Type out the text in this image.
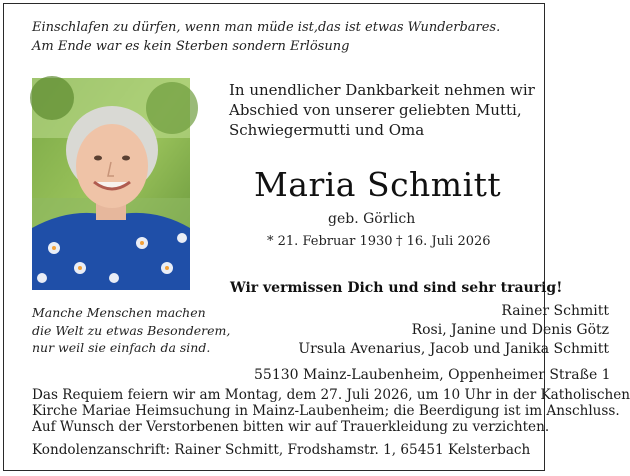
Einschlafen zu dürfen, wenn man müde ist,das ist etwas Wunderbares.
Am Ende war es kein Sterben sondern Erlösung
In unendlicher Dankbarkeit nehmen wir
Abschied von unserer geliebten Mutti,
Schwiegermutti und Oma
Maria Schmitt
geb. Görlich
* 21. Februar 1930 † 16. Juli 2026
Wir vermissen Dich und sind sehr traurig!
Rainer Schmitt
Rosi, Janine und Denis Götz
Ursula Avenarius, Jacob und Janika Schmitt
Manche Menschen machen
die Welt zu etwas Besonderem,
nur weil sie einfach da sind.
55130 Mainz-Laubenheim, Oppenheimer Straße 1
Das Requiem feiern wir am Montag, dem 27. Juli 2026, um 10 Uhr in der Katholischen
Kirche Mariae Heimsuchung in Mainz-Laubenheim; die Beerdigung ist im Anschluss.
Auf Wunsch der Verstorbenen bitten wir auf Trauerkleidung zu verzichten.
Kondolenzanschrift: Rainer Schmitt, Frodshamstr. 1, 65451 Kelsterbach
